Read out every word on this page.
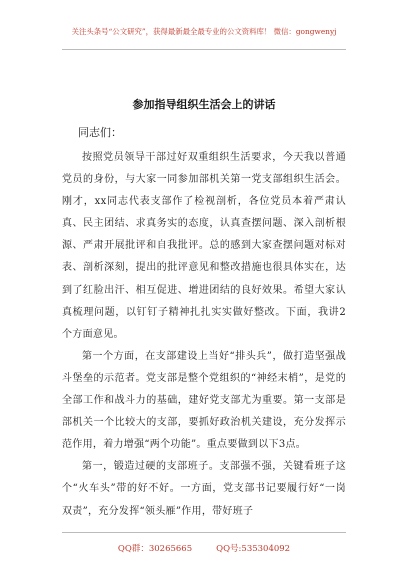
关注头条号“公文研究”，获得最新最全最专业的公文资料库！ 微信：gongwenyj
参加指导组织生活会上的讲话
同志们：

按照党员领导干部过好双重组织生活要求，今天我以普通党员的身份，与大家一同参加部机关第一党支部组织生活会。刚才，xx同志代表支部作了检视剖析，各位党员本着严肃认真、民主团结、求真务实的态度，认真查摆问题、深入剖析根源、严肃开展批评和自我批评。总的感到大家查摆问题对标对表、剖析深刻，提出的批评意见和整改措施也很具体实在，达到了红脸出汗、相互促进、增进团结的良好效果。希望大家认真梳理问题，以钉钉子精神扎扎实实做好整改。下面，我讲2个方面意见。

第一个方面，在支部建设上当好“排头兵”，做打造坚强战斗堡垒的示范者。党支部是整个党组织的“神经末梢”，是党的全部工作和战斗力的基础，建好党支部尤为重要。第一支部是部机关一个比较大的支部，要抓好政治机关建设，充分发挥示范作用，着力增强“两个功能”。重点要做到以下3点。

第一，锻造过硬的支部班子。支部强不强，关键看班子这个“火车头”带的好不好。一方面，党支部书记要履行好“一岗双责”，充分发挥“领头雁”作用，带好班子

QQ群：30265665	QQ号:535304092
